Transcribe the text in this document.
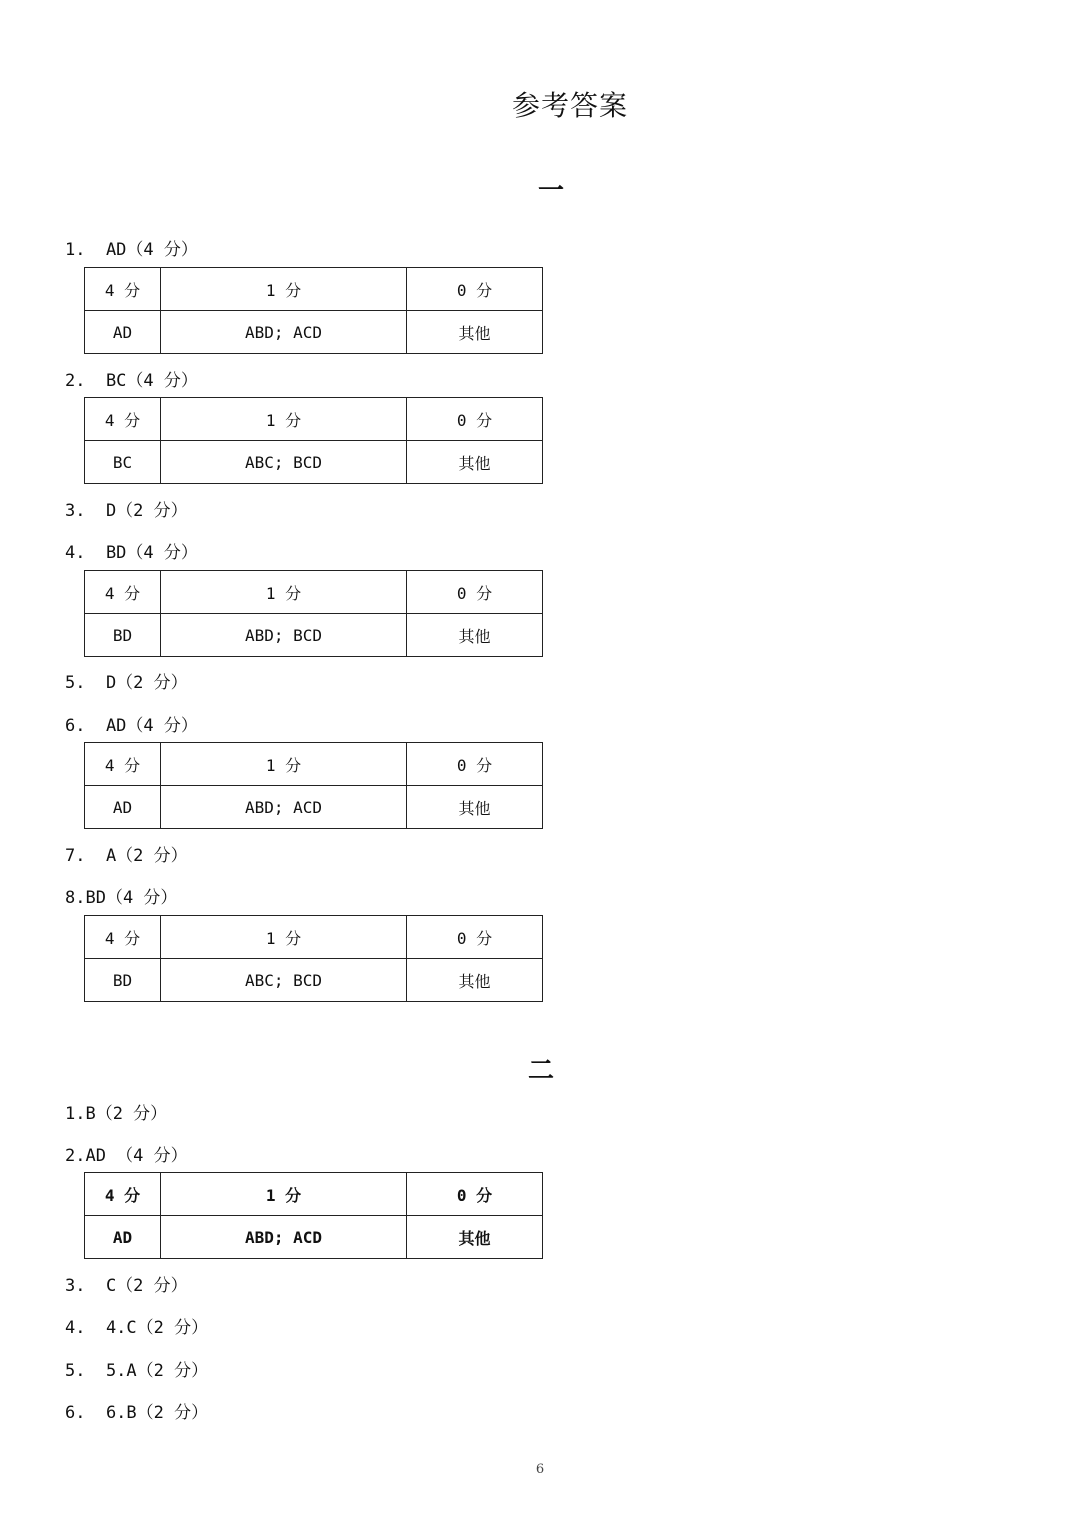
参考答案
一
1.  AD（4 分）
4 分	1 分	0 分
AD	ABD; ACD	其他
2.  BC（4 分）
4 分	1 分	0 分
BC	ABC; BCD	其他
3.  D（2 分）
4.  BD（4 分）
4 分	1 分	0 分
BD	ABD; BCD	其他
5.  D（2 分）
6.  AD（4 分）
4 分	1 分	0 分
AD	ABD; ACD	其他
7.  A（2 分）
8.BD（4 分）
4 分	1 分	0 分
BD	ABC; BCD	其他
二
1.B（2 分）
2.AD （4 分）
4 分	1 分	0 分
AD	ABD; ACD	其他
3.  C（2 分）
4.  4.C（2 分）
5.  5.A（2 分）
6.  6.B（2 分）
6
